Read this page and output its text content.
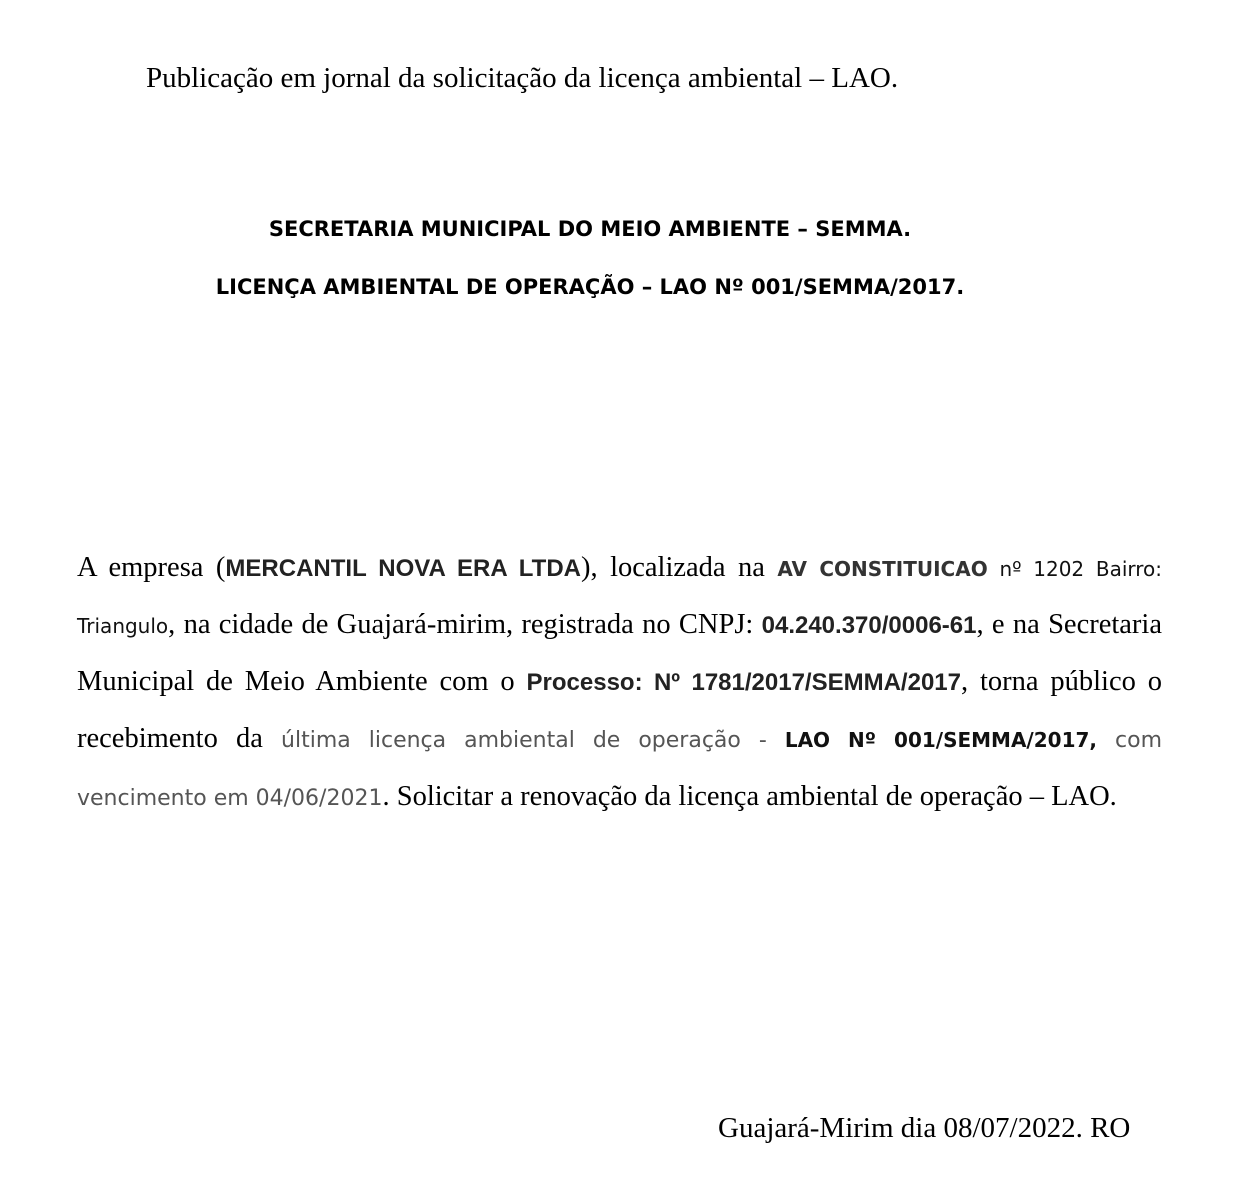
Publicação em jornal da solicitação da licença ambiental – LAO.
SECRETARIA MUNICIPAL DO MEIO AMBIENTE – SEMMA.
LICENÇA AMBIENTAL DE OPERAÇÃO – LAO Nº 001/SEMMA/2017.
A empresa (MERCANTIL NOVA ERA LTDA), localizada na AV CONSTITUICAO nº 1202 Bairro: Triangulo, na cidade de Guajará-mirim, registrada no CNPJ: 04.240.370/0006-61, e na Secretaria Municipal de Meio Ambiente com o Processo: Nº 1781/2017/SEMMA/2017, torna público o recebimento da última licença ambiental de operação - LAO Nº 001/SEMMA/2017, com vencimento em 04/06/2021. Solicitar a renovação da licença ambiental de operação – LAO.
Guajará-Mirim dia 08/07/2022. RO
